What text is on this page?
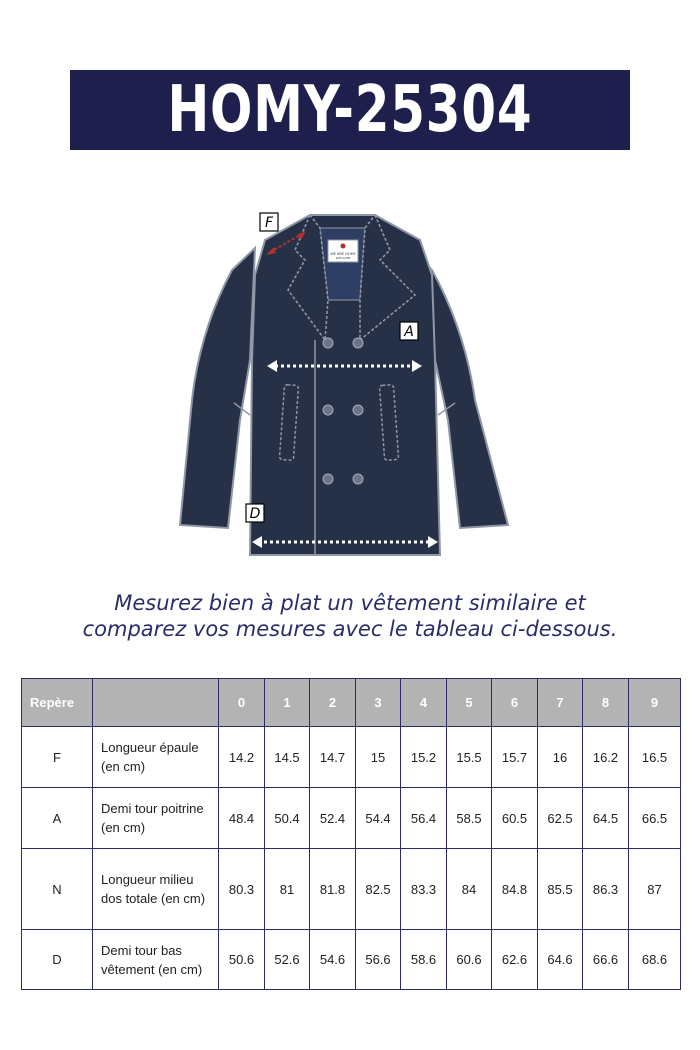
HOMY-25304
WE ARE HOMY
SIZE GUIDE
F
A
D
Mesurez bien à plat un vêtement similaire et
comparez vos mesures avec le tableau ci-dessous.
Repère		0	1	2	3	4	5	6	7	8	9
F	Longueur épaule (en cm)	14.2	14.5	14.7	15	15.2	15.5	15.7	16	16.2	16.5
A	Demi tour poitrine (en cm)	48.4	50.4	52.4	54.4	56.4	58.5	60.5	62.5	64.5	66.5
N	Longueur milieu dos totale (en cm)	80.3	81	81.8	82.5	83.3	84	84.8	85.5	86.3	87
D	Demi tour bas vêtement (en cm)	50.6	52.6	54.6	56.6	58.6	60.6	62.6	64.6	66.6	68.6
